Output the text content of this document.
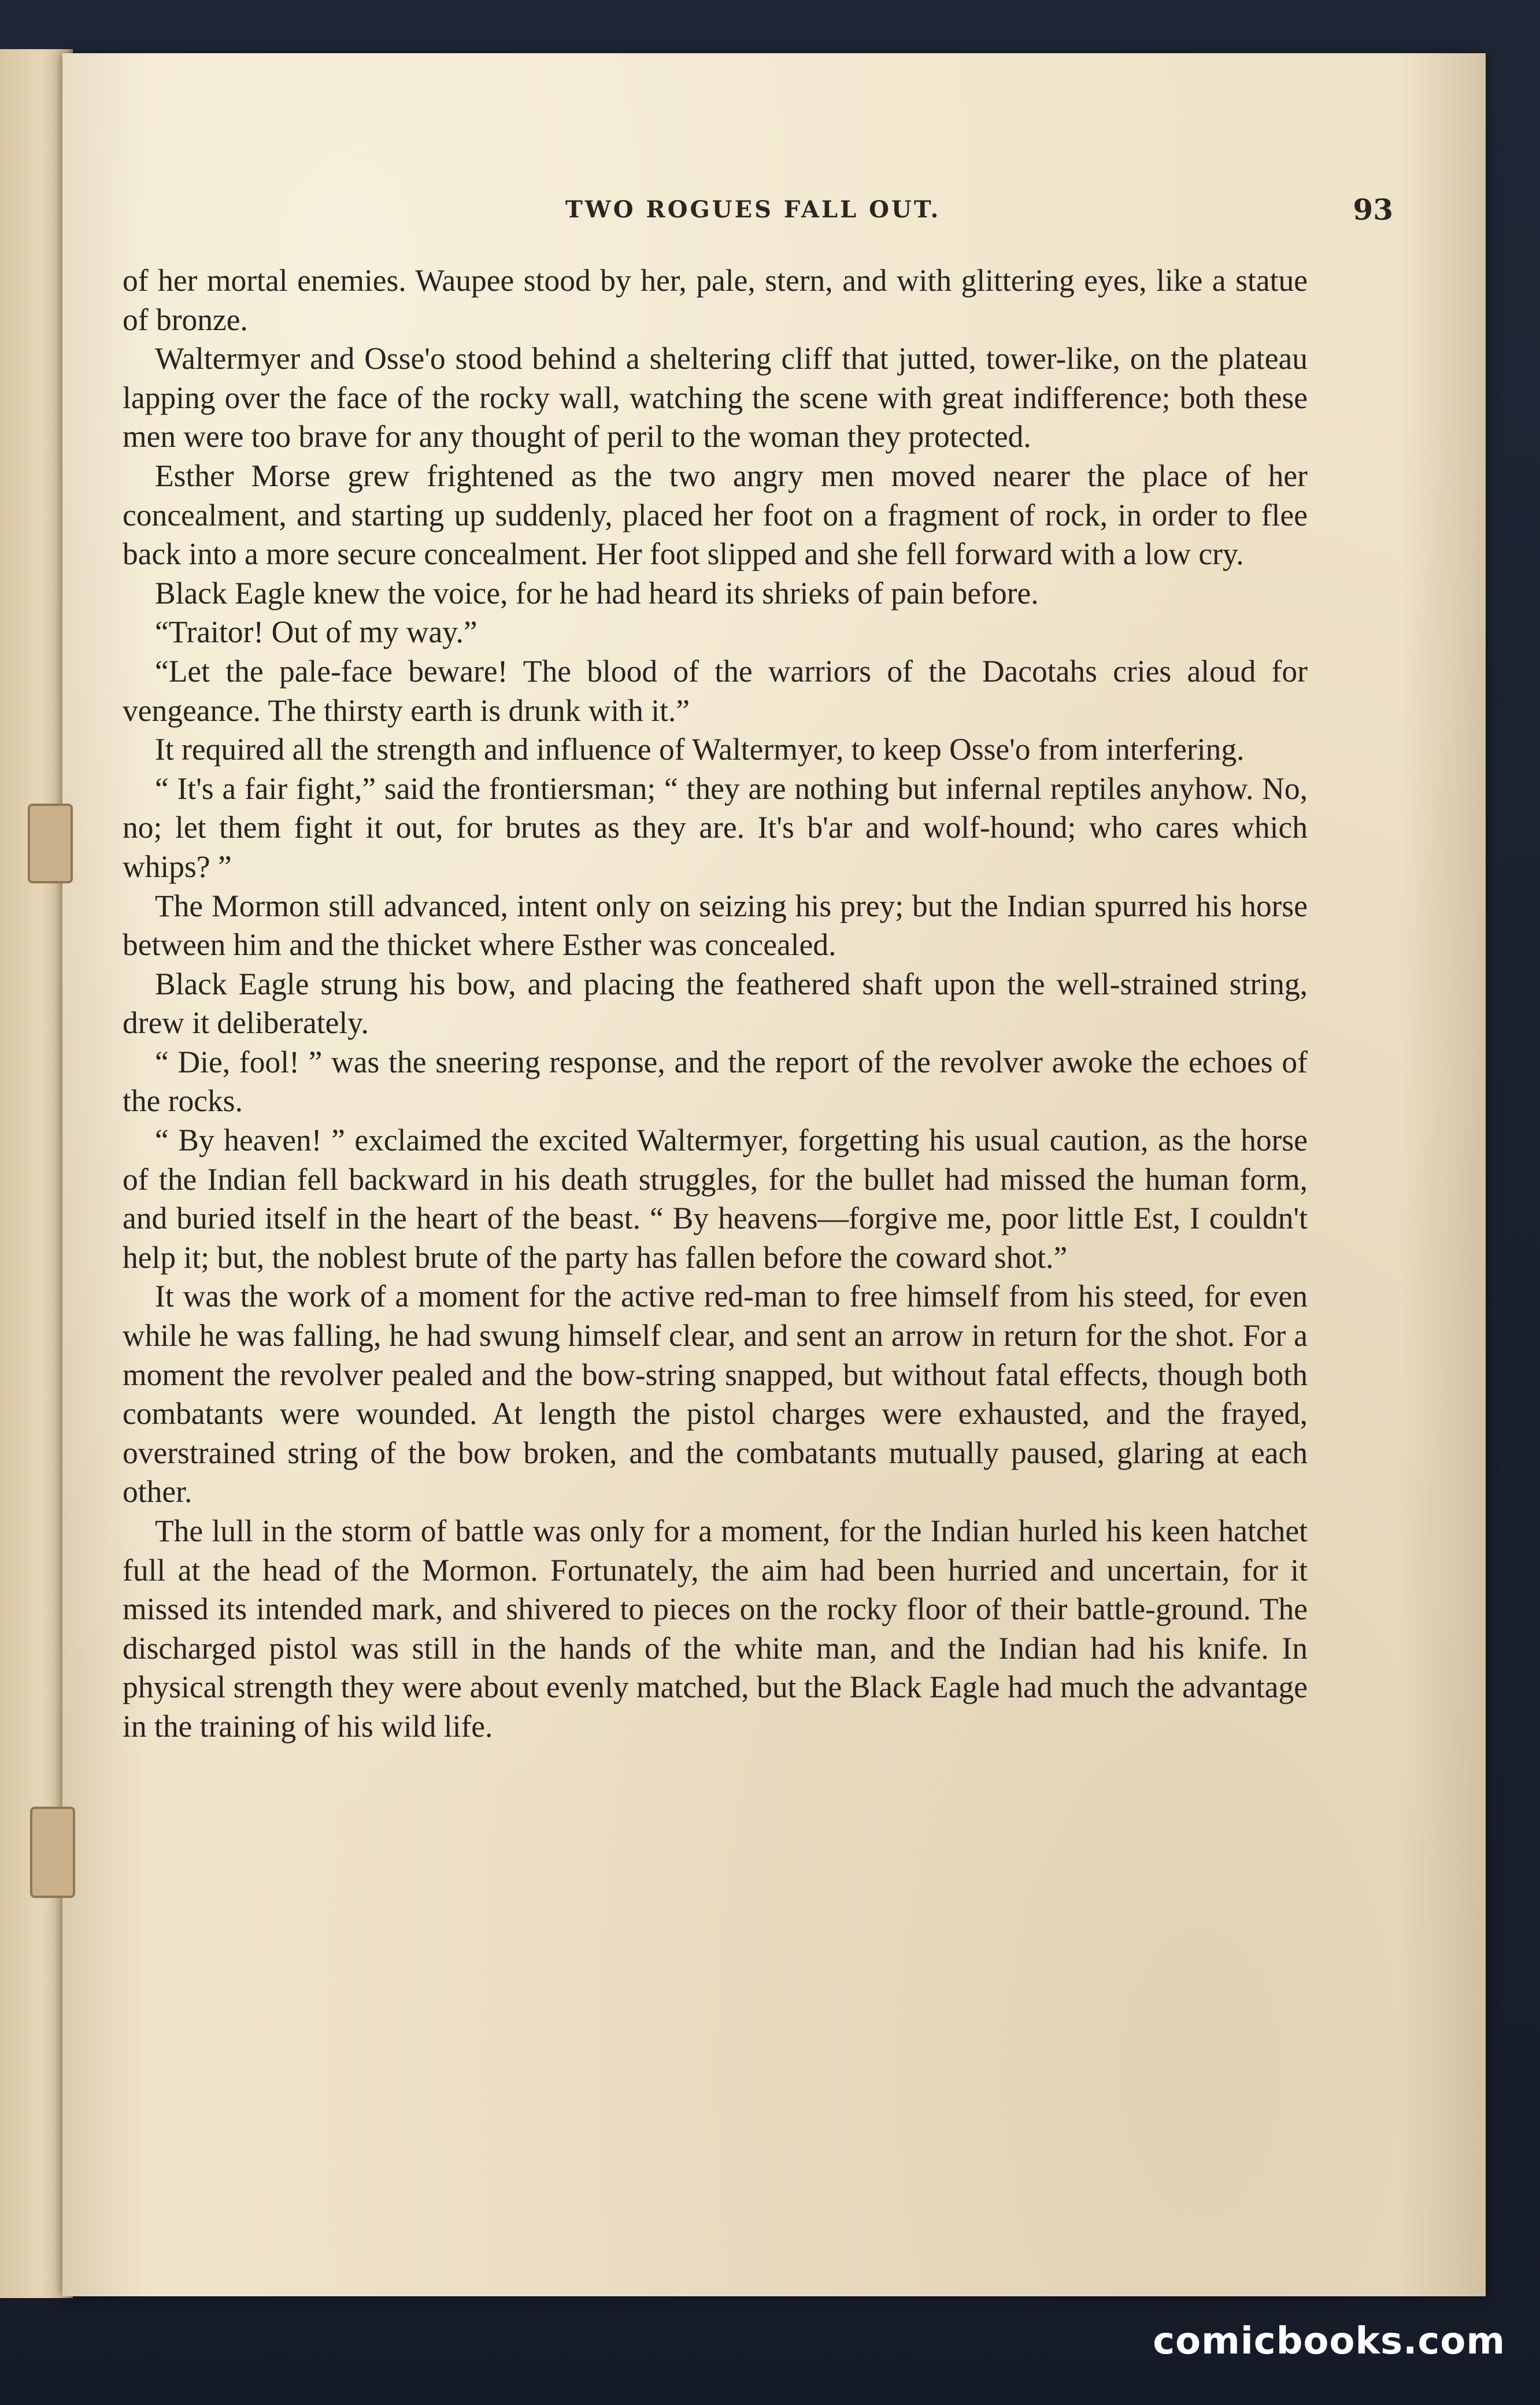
TWO ROGUES FALL OUT.	93

of her mortal enemies. Waupee stood by her, pale, stern, and with glittering eyes, like a statue of bronze.

Waltermyer and Osse'o stood behind a sheltering cliff that jutted, tower-like, on the plateau lapping over the face of the rocky wall, watching the scene with great indifference; both these men were too brave for any thought of peril to the woman they protected.

Esther Morse grew frightened as the two angry men moved nearer the place of her concealment, and starting up suddenly, placed her foot on a fragment of rock, in order to flee back into a more secure concealment. Her foot slipped and she fell forward with a low cry.

Black Eagle knew the voice, for he had heard its shrieks of pain before.

“Traitor! Out of my way.”

“Let the pale-face beware! The blood of the warriors of the Dacotahs cries aloud for vengeance. The thirsty earth is drunk with it.”

It required all the strength and influence of Waltermyer, to keep Osse'o from interfering.

“ It's a fair fight,” said the frontiersman; “ they are nothing but infernal reptiles anyhow. No, no; let them fight it out, for brutes as they are. It's b'ar and wolf-hound; who cares which whips? ”

The Mormon still advanced, intent only on seizing his prey; but the Indian spurred his horse between him and the thicket where Esther was concealed.

Black Eagle strung his bow, and placing the feathered shaft upon the well-strained string, drew it deliberately.

“ Die, fool! ” was the sneering response, and the report of the revolver awoke the echoes of the rocks.

“ By heaven! ” exclaimed the excited Waltermyer, forgetting his usual caution, as the horse of the Indian fell backward in his death struggles, for the bullet had missed the human form, and buried itself in the heart of the beast. “ By heavens—forgive me, poor little Est, I couldn't help it; but, the noblest brute of the party has fallen before the coward shot.”

It was the work of a moment for the active red-man to free himself from his steed, for even while he was falling, he had swung himself clear, and sent an arrow in return for the shot. For a moment the revolver pealed and the bow-string snapped, but without fatal effects, though both combatants were wounded. At length the pistol charges were exhausted, and the frayed, overstrained string of the bow broken, and the combatants mutually paused, glaring at each other.

The lull in the storm of battle was only for a moment, for the Indian hurled his keen hatchet full at the head of the Mormon. Fortunately, the aim had been hurried and uncertain, for it missed its intended mark, and shivered to pieces on the rocky floor of their battle-ground. The discharged pistol was still in the hands of the white man, and the Indian had his knife. In physical strength they were about evenly matched, but the Black Eagle had much the advantage in the training of his wild life.

comicbooks.com
